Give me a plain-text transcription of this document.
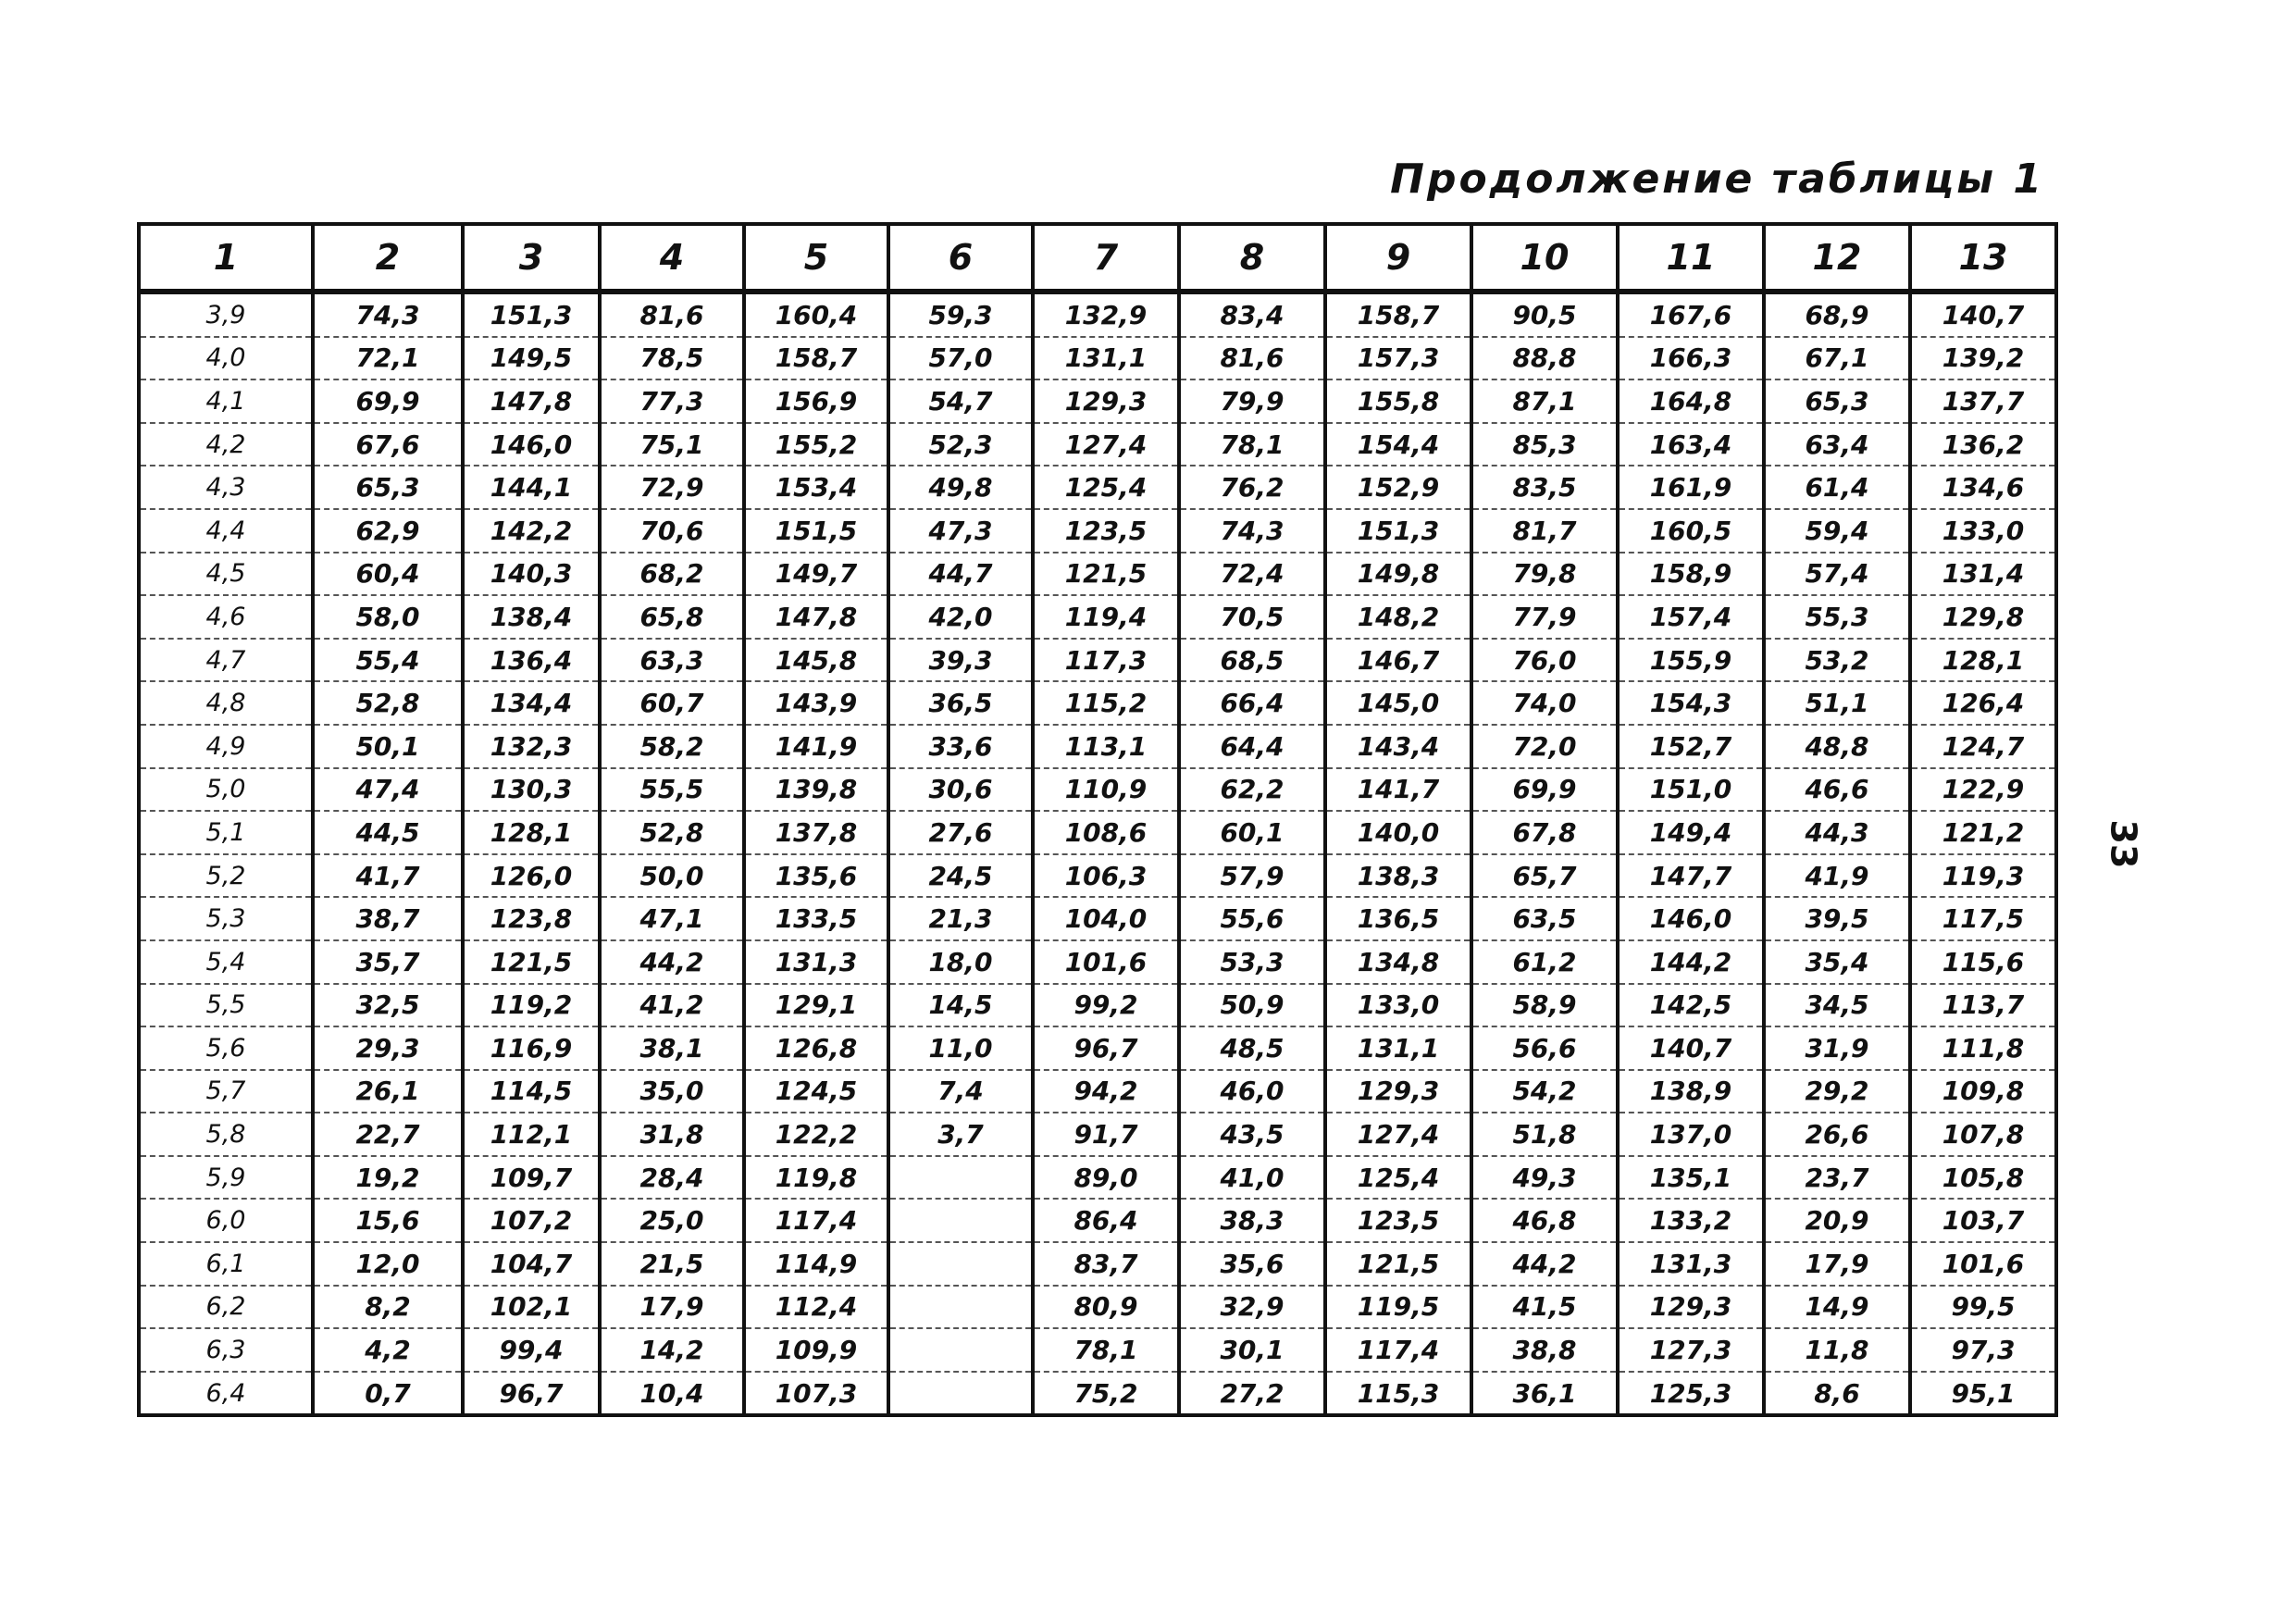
Продолжение таблицы 1
33
1	2	3	4	5	6	7	8	9	10	11	12	13
3,9	74,3	151,3	81,6	160,4	59,3	132,9	83,4	158,7	90,5	167,6	68,9	140,7
4,0	72,1	149,5	78,5	158,7	57,0	131,1	81,6	157,3	88,8	166,3	67,1	139,2
4,1	69,9	147,8	77,3	156,9	54,7	129,3	79,9	155,8	87,1	164,8	65,3	137,7
4,2	67,6	146,0	75,1	155,2	52,3	127,4	78,1	154,4	85,3	163,4	63,4	136,2
4,3	65,3	144,1	72,9	153,4	49,8	125,4	76,2	152,9	83,5	161,9	61,4	134,6
4,4	62,9	142,2	70,6	151,5	47,3	123,5	74,3	151,3	81,7	160,5	59,4	133,0
4,5	60,4	140,3	68,2	149,7	44,7	121,5	72,4	149,8	79,8	158,9	57,4	131,4
4,6	58,0	138,4	65,8	147,8	42,0	119,4	70,5	148,2	77,9	157,4	55,3	129,8
4,7	55,4	136,4	63,3	145,8	39,3	117,3	68,5	146,7	76,0	155,9	53,2	128,1
4,8	52,8	134,4	60,7	143,9	36,5	115,2	66,4	145,0	74,0	154,3	51,1	126,4
4,9	50,1	132,3	58,2	141,9	33,6	113,1	64,4	143,4	72,0	152,7	48,8	124,7
5,0	47,4	130,3	55,5	139,8	30,6	110,9	62,2	141,7	69,9	151,0	46,6	122,9
5,1	44,5	128,1	52,8	137,8	27,6	108,6	60,1	140,0	67,8	149,4	44,3	121,2
5,2	41,7	126,0	50,0	135,6	24,5	106,3	57,9	138,3	65,7	147,7	41,9	119,3
5,3	38,7	123,8	47,1	133,5	21,3	104,0	55,6	136,5	63,5	146,0	39,5	117,5
5,4	35,7	121,5	44,2	131,3	18,0	101,6	53,3	134,8	61,2	144,2	35,4	115,6
5,5	32,5	119,2	41,2	129,1	14,5	99,2	50,9	133,0	58,9	142,5	34,5	113,7
5,6	29,3	116,9	38,1	126,8	11,0	96,7	48,5	131,1	56,6	140,7	31,9	111,8
5,7	26,1	114,5	35,0	124,5	7,4	94,2	46,0	129,3	54,2	138,9	29,2	109,8
5,8	22,7	112,1	31,8	122,2	3,7	91,7	43,5	127,4	51,8	137,0	26,6	107,8
5,9	19,2	109,7	28,4	119,8		89,0	41,0	125,4	49,3	135,1	23,7	105,8
6,0	15,6	107,2	25,0	117,4		86,4	38,3	123,5	46,8	133,2	20,9	103,7
6,1	12,0	104,7	21,5	114,9		83,7	35,6	121,5	44,2	131,3	17,9	101,6
6,2	8,2	102,1	17,9	112,4		80,9	32,9	119,5	41,5	129,3	14,9	99,5
6,3	4,2	99,4	14,2	109,9		78,1	30,1	117,4	38,8	127,3	11,8	97,3
6,4	0,7	96,7	10,4	107,3		75,2	27,2	115,3	36,1	125,3	8,6	95,1
